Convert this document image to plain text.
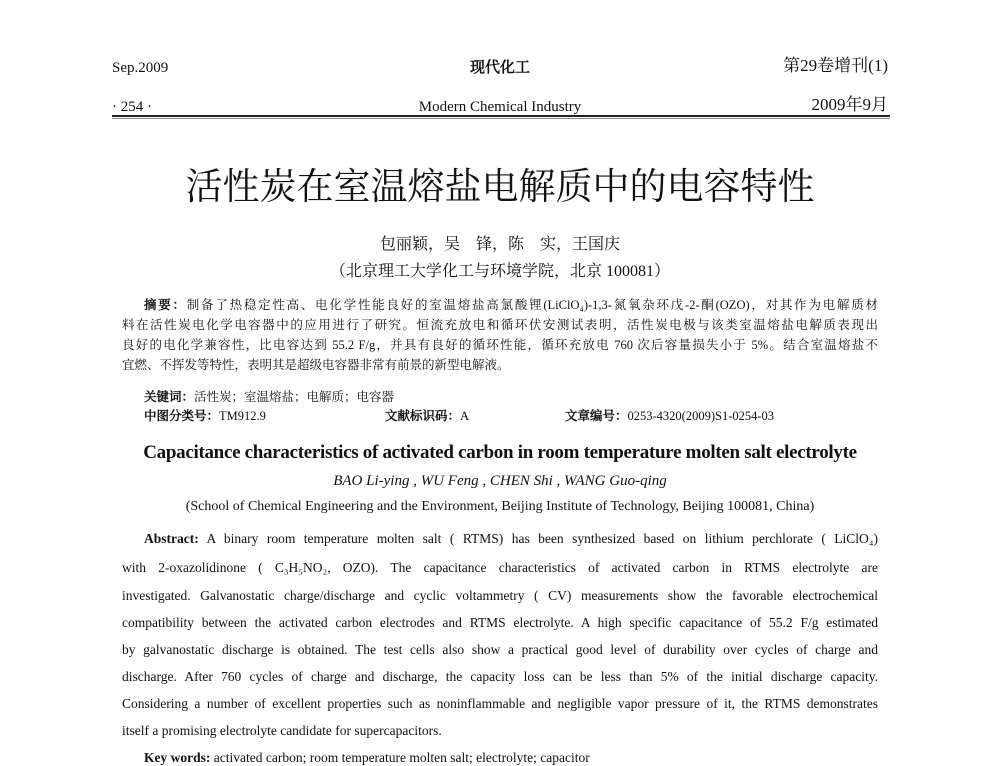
Sep.2009	现代化工	第29卷增刊(1)
· 254 ·	Modern Chemical Industry	2009年9月
活性炭在室温熔盐电解质中的电容特性
包丽颖，吴　锋，陈　实，王国庆
（北京理工大学化工与环境学院，北京 100081）
摘要：制备了热稳定性高、电化学性能良好的室温熔盐高氯酸锂(LiClO₄)-1,3-氮氧杂环戊-2-酮(OZO)，对其作为电解质材
料在活性炭电化学电容器中的应用进行了研究。恒流充放电和循环伏安测试表明，活性炭电极与该类室温熔盐电解质表现出
良好的电化学兼容性，比电容达到 55.2 F/g，并具有良好的循环性能，循环充放电 760 次后容量损失小于 5%。结合室温熔盐不
宜燃、不挥发等特性，表明其是超级电容器非常有前景的新型电解液。
关键词：活性炭；室温熔盐；电解质；电容器
中图分类号：TM912.9	文献标识码：A	文章编号：0253-4320(2009)S1-0254-03
Capacitance characteristics of activated carbon in room temperature molten salt electrolyte
BAO Li-ying , WU Feng , CHEN Shi , WANG Guo-qing
(School of Chemical Engineering and the Environment, Beijing Institute of Technology, Beijing 100081, China)
Abstract: A binary room temperature molten salt ( RTMS) has been synthesized based on lithium perchlorate ( LiClO₄)
with 2-oxazolidinone ( C₃H₅NO₂, OZO). The capacitance characteristics of activated carbon in RTMS electrolyte are
investigated. Galvanostatic charge/discharge and cyclic voltammetry ( CV) measurements show the favorable electrochemical
compatibility between the activated carbon electrodes and RTMS electrolyte. A high specific capacitance of 55.2 F/g estimated
by galvanostatic discharge is obtained. The test cells also show a practical good level of durability over cycles of charge and
discharge. After 760 cycles of charge and discharge, the capacity loss can be less than 5% of the initial discharge capacity.
Considering a number of excellent properties such as noninflammable and negligible vapor pressure of it, the RTMS demonstrates
itself a promising electrolyte candidate for supercapacitors.
Key words: activated carbon; room temperature molten salt; electrolyte; capacitor
